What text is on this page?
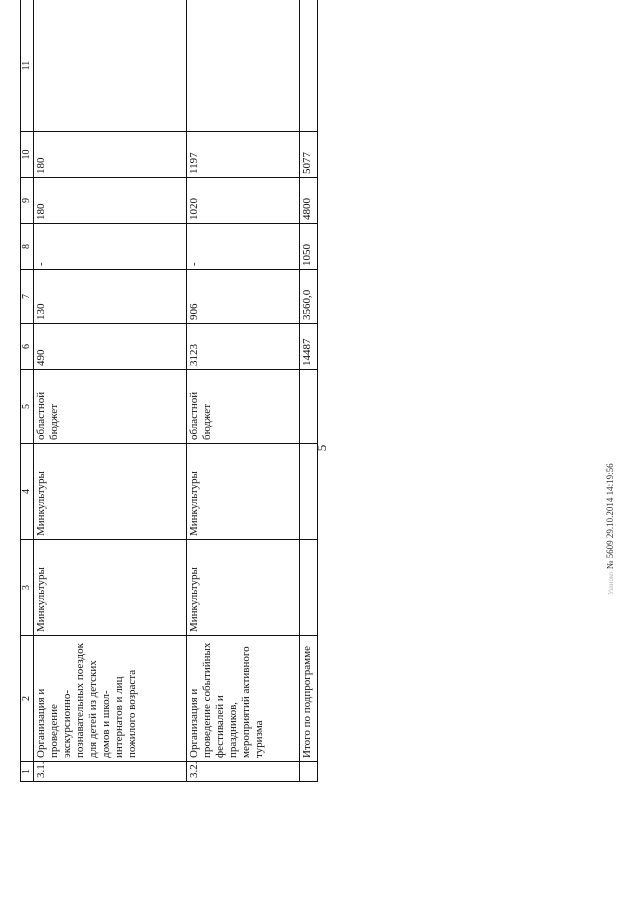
5
1	2	3	4	5	6	7	8	9	10	11
3.1.	Организация и проведение экскурсионно-познавательных поездок для детей из детских домов и школ-интернатов и лиц пожилого возраста	Минкультуры	Минкультуры	областной бюджет	490	130	-	180	180	
3.2.	Организация и проведение событийных фестивалей и праздников, мероприятий активного туризма	Минкультуры	Минкультуры	областной бюджет	3123	906	-	1020	1197	
	Итого по подпрограмме				14487	3560,0	1050	4800	5077	
Ушноко № 5609 29.10.2014 14:19:56
